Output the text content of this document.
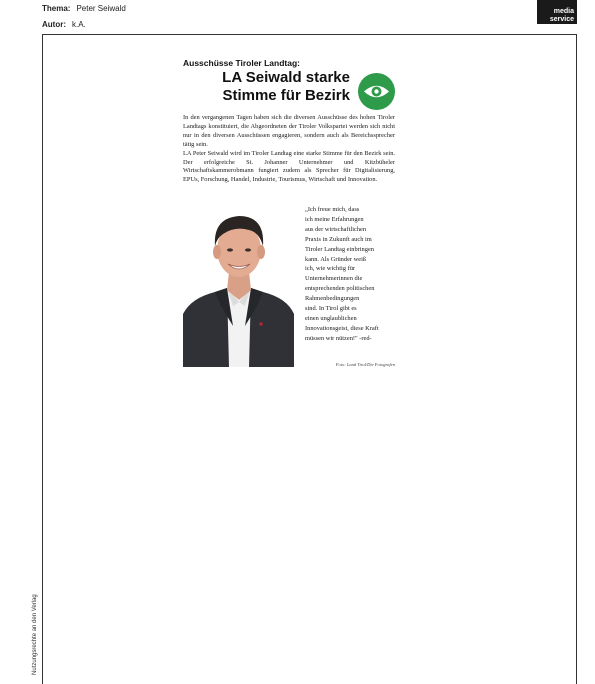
Thema: Peter Seiwald
Autor: k.A.
media
service
Nutzungsrechte an den Verlag
Ausschüsse Tiroler Landtag:
LA Seiwald starke
Stimme für Bezirk

In den vergangenen Tagen haben sich die diversen Ausschüsse des hohen Tiroler Landtags konstituiert, die Abgeordneten der Tiroler Volkspartei werden sich nicht nur in den diversen Ausschüssen engagieren, sondern auch als Bereichssprecher tätig sein.

LA Peter Seiwald wird im Tiroler Landtag eine starke Stimme für den Bezirk sein. Der erfolgreiche St. Johanner Unternehmer und Kitzbüheler Wirtschaftskammerobmann fungiert zudem als Sprecher für Digitalisierung, EPUs, Forschung, Handel, Industrie, Tourismus, Wirtschaft und Innovation.

„Ich freue mich, dass
ich meine Erfahrungen
aus der wirtschaftlichen
Praxis in Zukunft auch im
Tiroler Landtag einbringen
kann. Als Gründer weiß
ich, wie wichtig für
Unternehmerinnen die
entsprechenden politischen
Rahmenbedingungen
sind. In Tirol gibt es
einen unglaublichen
Innovationsgeist, diese Kraft
müssen wir nützen!" -red-
Foto: Land Tirol/Die Fotografen
